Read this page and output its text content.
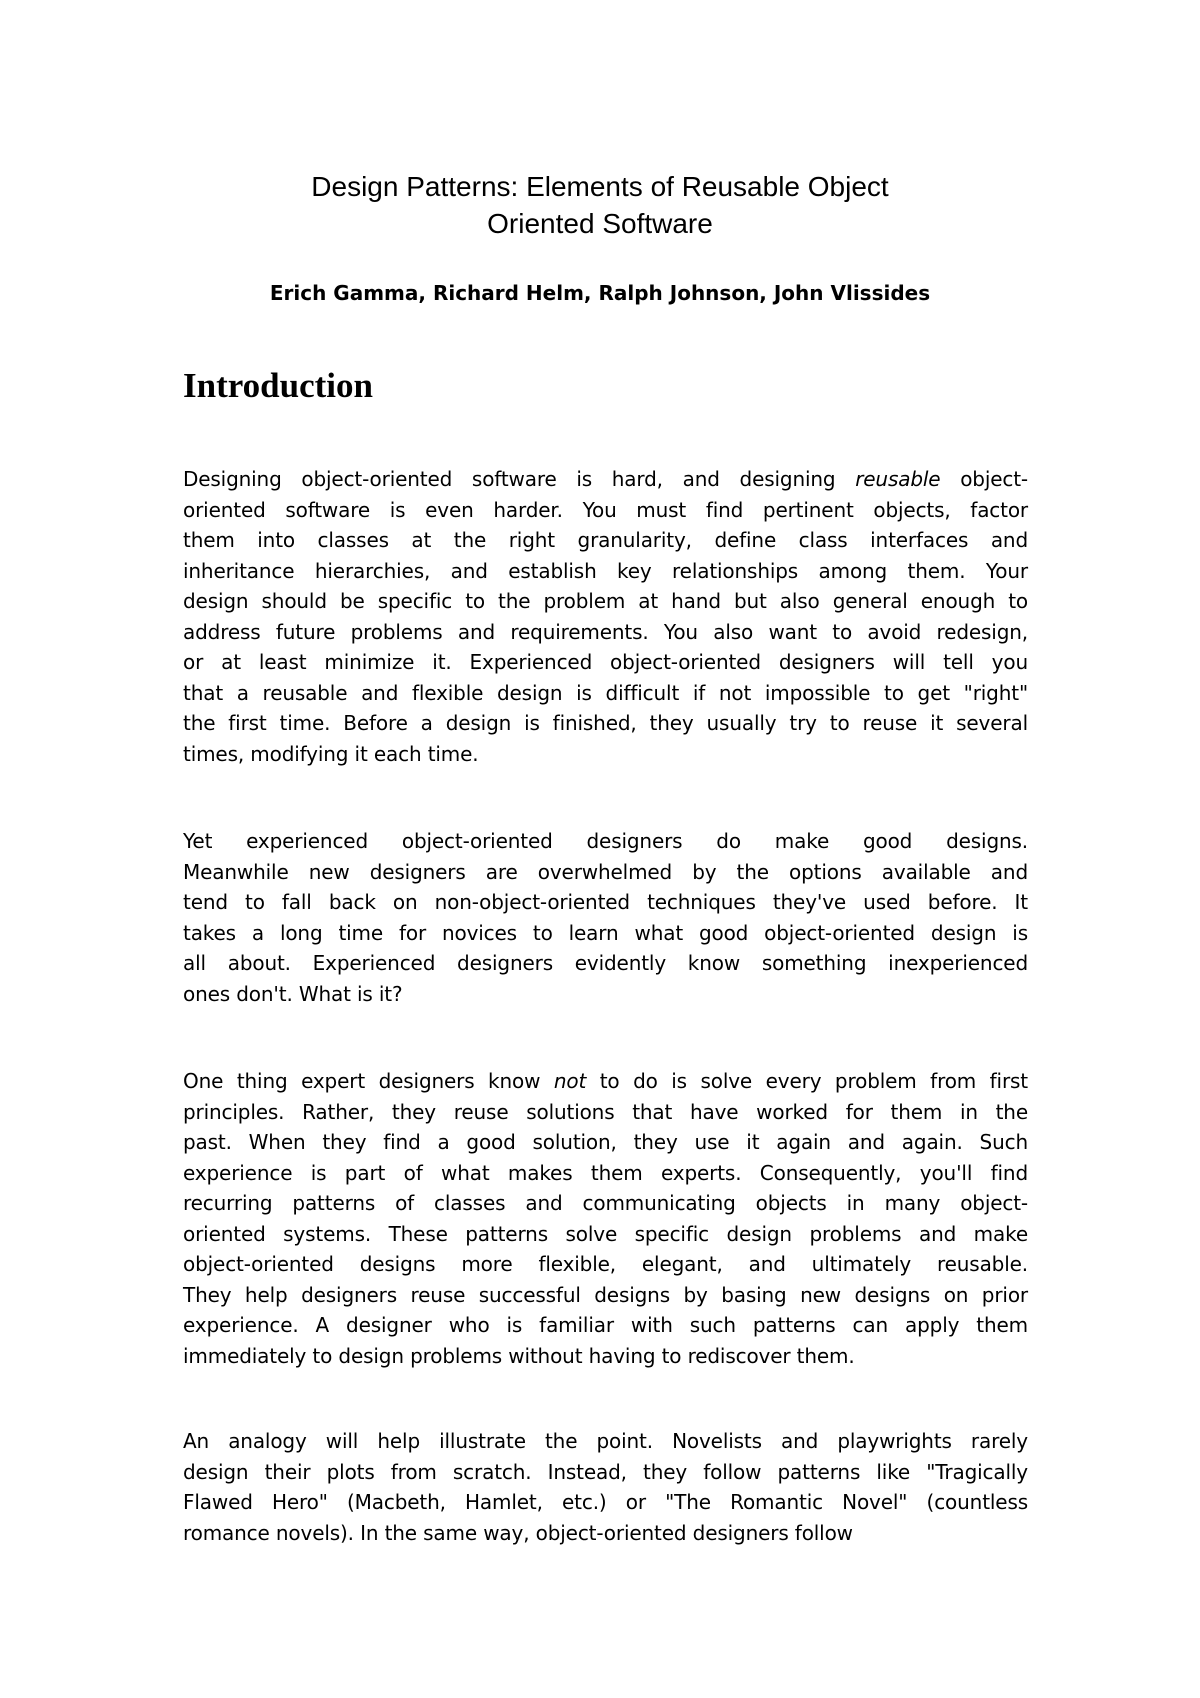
Design Patterns: Elements of Reusable Object
Oriented Software

Erich Gamma, Richard Helm, Ralph Johnson, John Vlissides

Introduction
Designing object-oriented software is hard, and designing reusable object-
oriented software is even harder. You must find pertinent objects, factor
them into classes at the right granularity, define class interfaces and
inheritance hierarchies, and establish key relationships among them. Your
design should be specific to the problem at hand but also general enough to
address future problems and requirements. You also want to avoid redesign,
or at least minimize it. Experienced object-oriented designers will tell you
that a reusable and flexible design is difficult if not impossible to get "right"
the first time. Before a design is finished, they usually try to reuse it several
times, modifying it each time.
Yet experienced object-oriented designers do make good designs.
Meanwhile new designers are overwhelmed by the options available and
tend to fall back on non-object-oriented techniques they've used before. It
takes a long time for novices to learn what good object-oriented design is
all about. Experienced designers evidently know something inexperienced
ones don't. What is it?
One thing expert designers know not to do is solve every problem from first
principles. Rather, they reuse solutions that have worked for them in the
past. When they find a good solution, they use it again and again. Such
experience is part of what makes them experts. Consequently, you'll find
recurring patterns of classes and communicating objects in many object-
oriented systems. These patterns solve specific design problems and make
object-oriented designs more flexible, elegant, and ultimately reusable.
They help designers reuse successful designs by basing new designs on prior
experience. A designer who is familiar with such patterns can apply them
immediately to design problems without having to rediscover them.
An analogy will help illustrate the point. Novelists and playwrights rarely
design their plots from scratch. Instead, they follow patterns like "Tragically
Flawed Hero" (Macbeth, Hamlet, etc.) or "The Romantic Novel" (countless
romance novels). In the same way, object-oriented designers follow
